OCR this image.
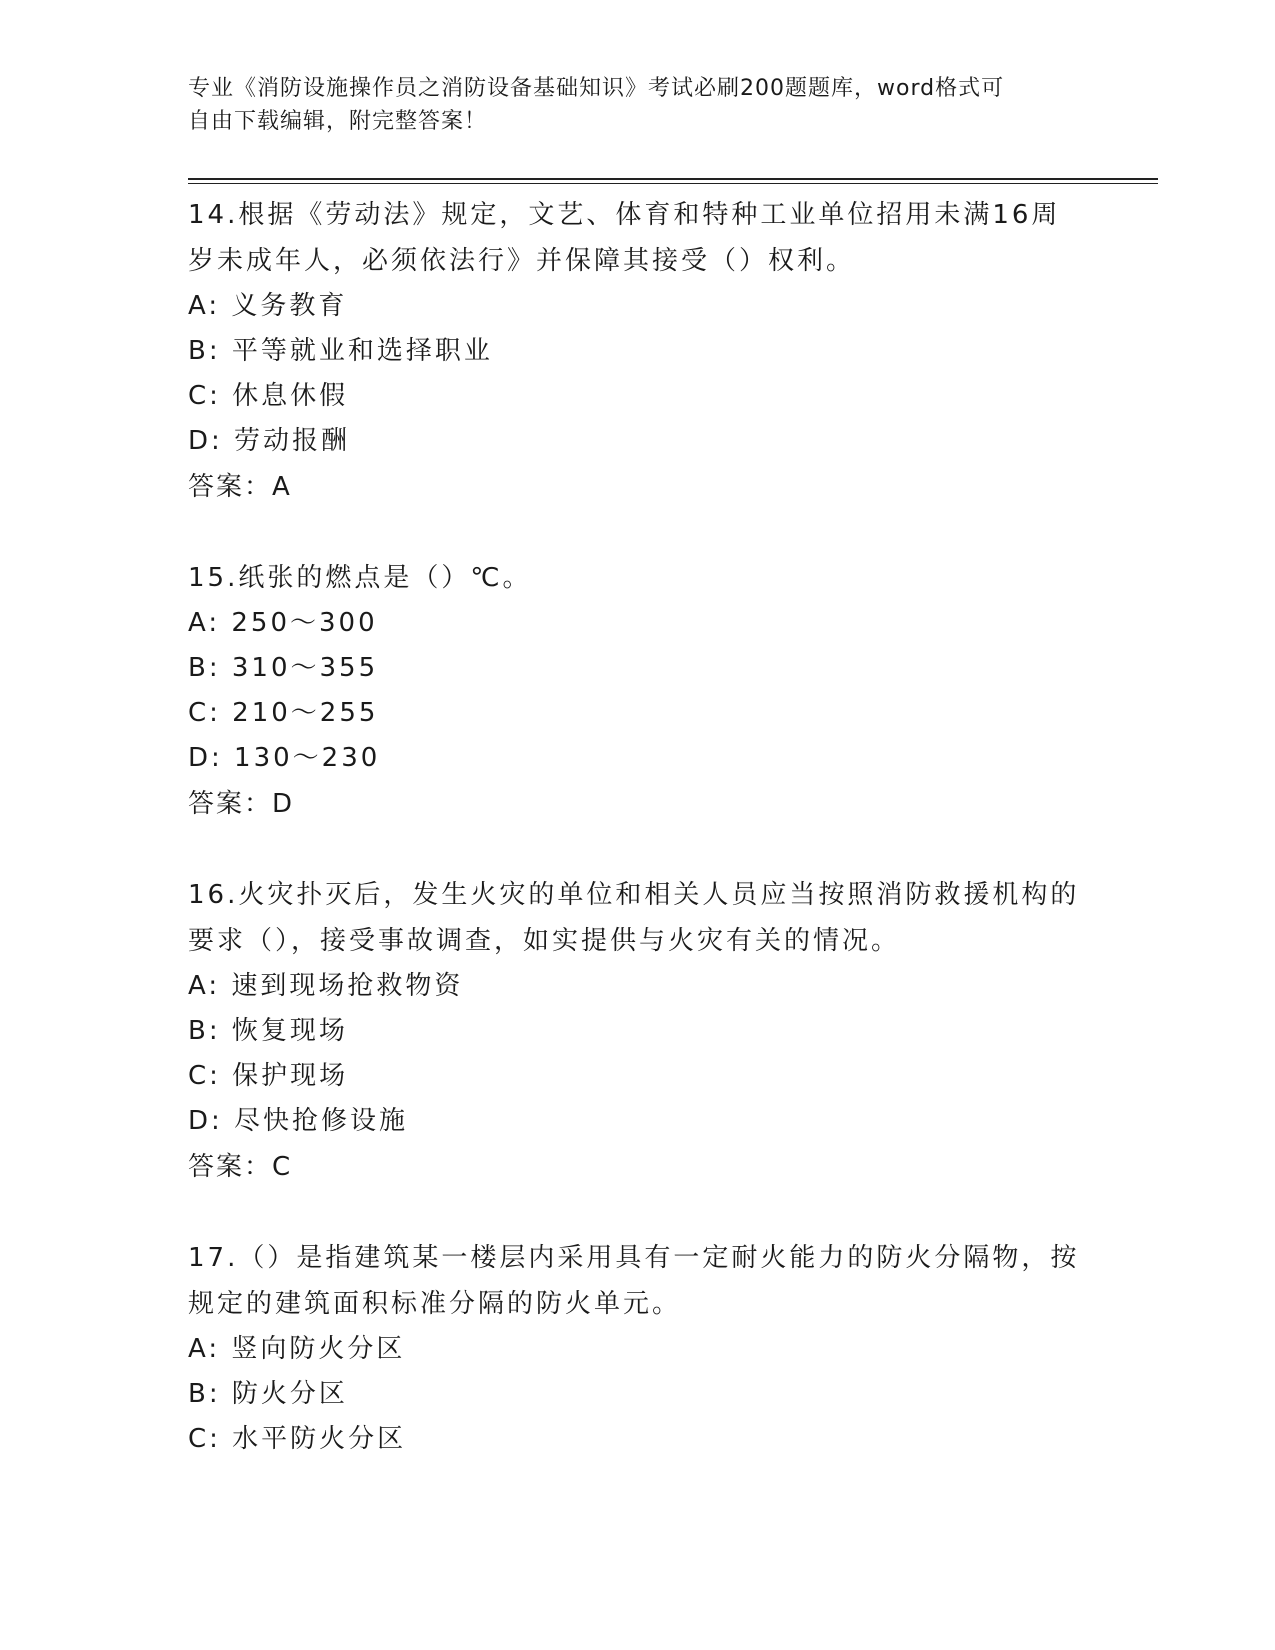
专业《消防设施操作员之消防设备基础知识》考试必刷200题题库，word格式可
自由下载编辑，附完整答案！

14.根据《劳动法》规定，文艺、体育和特种工业单位招用未满16周

岁未成年人，必须依法行》并保障其接受（）权利。

A: 义务教育

B: 平等就业和选择职业

C: 休息休假

D: 劳动报酬

答案：A

15.纸张的燃点是（）℃。

A: 250～300

B: 310～355

C: 210～255

D: 130～230

答案：D

16.火灾扑灭后，发生火灾的单位和相关人员应当按照消防救援机构的

要求（），接受事故调查，如实提供与火灾有关的情况。

A: 速到现场抢救物资

B: 恢复现场

C: 保护现场

D: 尽快抢修设施

答案：C

17.（）是指建筑某一楼层内采用具有一定耐火能力的防火分隔物，按

规定的建筑面积标准分隔的防火单元。

A: 竖向防火分区

B: 防火分区

C: 水平防火分区
